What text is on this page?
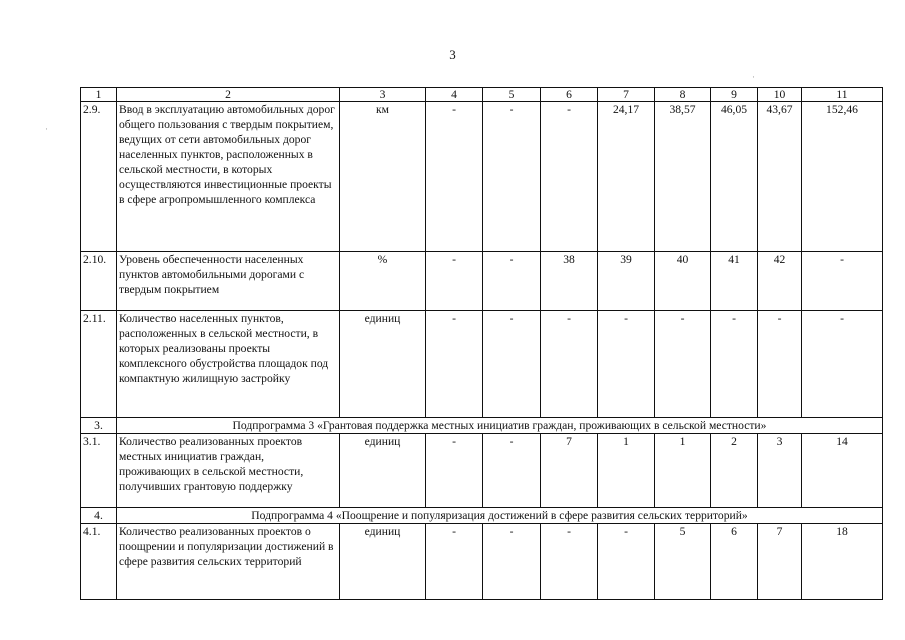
3
·
·
1	2	3	4	5	6	7	8	9	10	11
2.9.	Ввод в эксплуатацию автомобильных дорог общего пользования с твердым покрытием, ведущих от сети автомобильных дорог населенных пунктов, расположенных в сельской местности, в которых осуществляются инвестиционные проекты в сфере агропромышленного комплекса	км	-	-	-	24,17	38,57	46,05	43,67	152,46
2.10.	Уровень обеспеченности населенных пунктов автомобильными дорогами с твердым покрытием	%	-	-	38	39	40	41	42	-
2.11.	Количество населенных пунктов, расположенных в сельской местности, в которых реализованы проекты комплексного обустройства площадок под компактную жилищную застройку	единиц	-	-	-	-	-	-	-	-
3.	Подпрограмма 3 «Грантовая поддержка местных инициатив граждан, проживающих в сельской местности»									
3.1.	Количество реализованных проектов местных инициатив граждан, проживающих в сельской местности, получивших грантовую поддержку	единиц	-	-	7	1	1	2	3	14
4.	Подпрограмма 4 «Поощрение и популяризация достижений в сфере развития сельских территорий»									
4.1.	Количество реализованных проектов о поощрении и популяризации достижений в сфере развития сельских территорий	единиц	-	-	-	-	5	6	7	18
